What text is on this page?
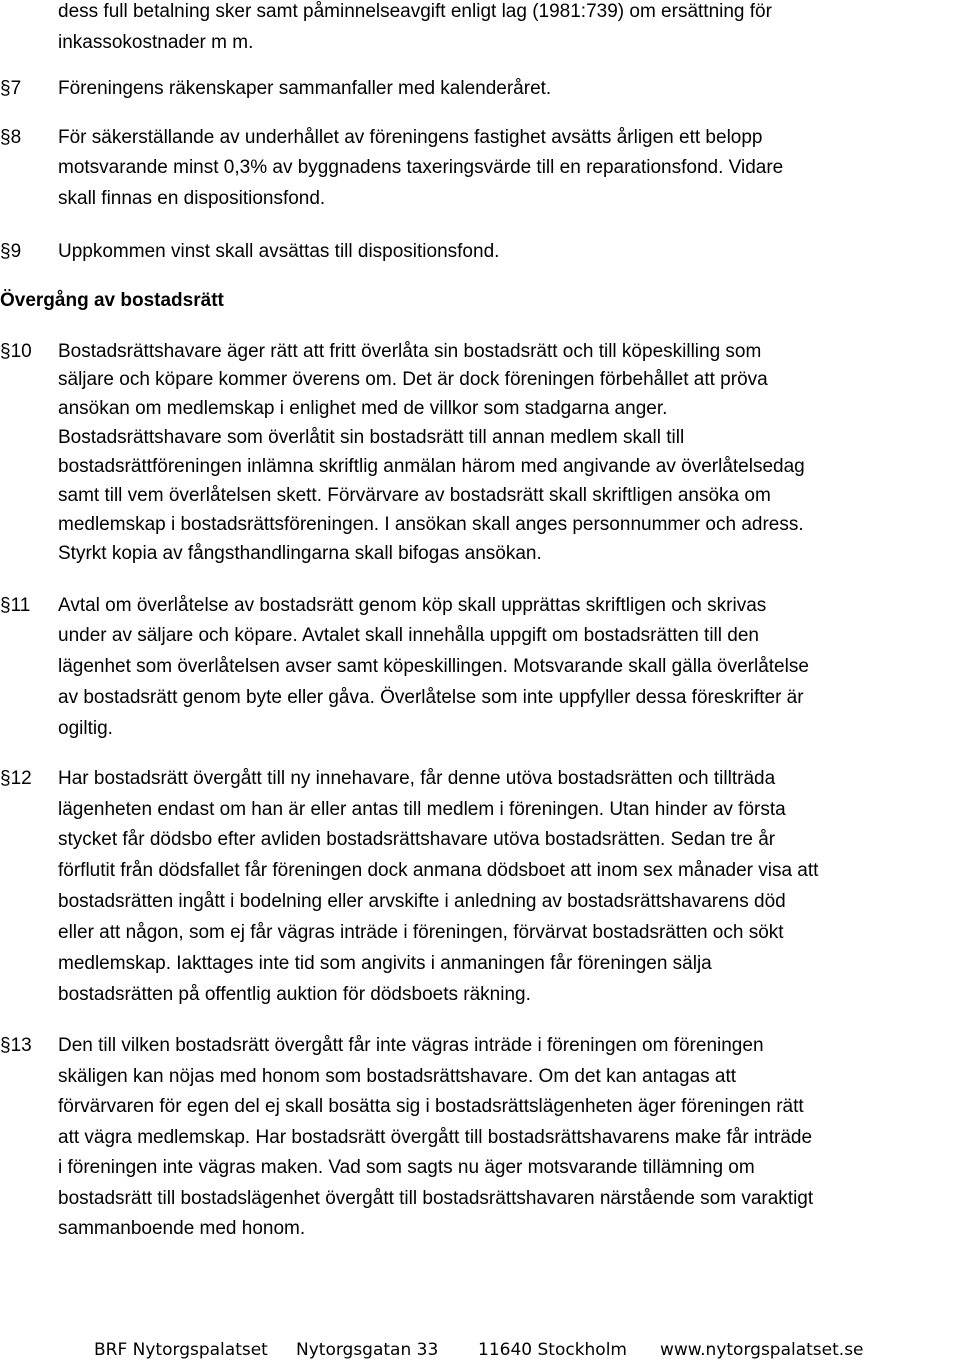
dess full betalning sker samt påminnelseavgift enligt lag (1981:739) om ersättning för
inkassokostnader m m.
§7 Föreningens räkenskaper sammanfaller med kalenderåret.
§8 För säkerställande av underhållet av föreningens fastighet avsätts årligen ett belopp
motsvarande minst 0,3% av byggnadens taxeringsvärde till en reparationsfond. Vidare
skall finnas en dispositionsfond.
§9 Uppkommen vinst skall avsättas till dispositionsfond.
Övergång av bostadsrätt
§10 Bostadsrättshavare äger rätt att fritt överlåta sin bostadsrätt och till köpeskilling som
säljare och köpare kommer överens om. Det är dock föreningen förbehållet att pröva
ansökan om medlemskap i enlighet med de villkor som stadgarna anger.
Bostadsrättshavare som överlåtit sin bostadsrätt till annan medlem skall till
bostadsrättföreningen inlämna skriftlig anmälan härom med angivande av överlåtelsedag
samt till vem överlåtelsen skett. Förvärvare av bostadsrätt skall skriftligen ansöka om
medlemskap i bostadsrättsföreningen. I ansökan skall anges personnummer och adress.
Styrkt kopia av fångsthandlingarna skall bifogas ansökan.
§11 Avtal om överlåtelse av bostadsrätt genom köp skall upprättas skriftligen och skrivas
under av säljare och köpare. Avtalet skall innehålla uppgift om bostadsrätten till den
lägenhet som överlåtelsen avser samt köpeskillingen. Motsvarande skall gälla överlåtelse
av bostadsrätt genom byte eller gåva. Överlåtelse som inte uppfyller dessa föreskrifter är
ogiltig.
§12 Har bostadsrätt övergått till ny innehavare, får denne utöva bostadsrätten och tillträda
lägenheten endast om han är eller antas till medlem i föreningen. Utan hinder av första
stycket får dödsbo efter avliden bostadsrättshavare utöva bostadsrätten. Sedan tre år
förflutit från dödsfallet får föreningen dock anmana dödsboet att inom sex månader visa att
bostadsrätten ingått i bodelning eller arvskifte i anledning av bostadsrättshavarens död
eller att någon, som ej får vägras inträde i föreningen, förvärvat bostadsrätten och sökt
medlemskap. Iakttages inte tid som angivits i anmaningen får föreningen sälja
bostadsrätten på offentlig auktion för dödsboets räkning.
§13 Den till vilken bostadsrätt övergått får inte vägras inträde i föreningen om föreningen
skäligen kan nöjas med honom som bostadsrättshavare. Om det kan antagas att
förvärvaren för egen del ej skall bosätta sig i bostadsrättslägenheten äger föreningen rätt
att vägra medlemskap. Har bostadsrätt övergått till bostadsrättshavarens make får inträde
i föreningen inte vägras maken. Vad som sagts nu äger motsvarande tillämning om
bostadsrätt till bostadslägenhet övergått till bostadsrättshavaren närstående som varaktigt
sammanboende med honom.
BRF Nytorgspalatset Nytorgsgatan 33 11640 Stockholm www.nytorgspalatset.se
